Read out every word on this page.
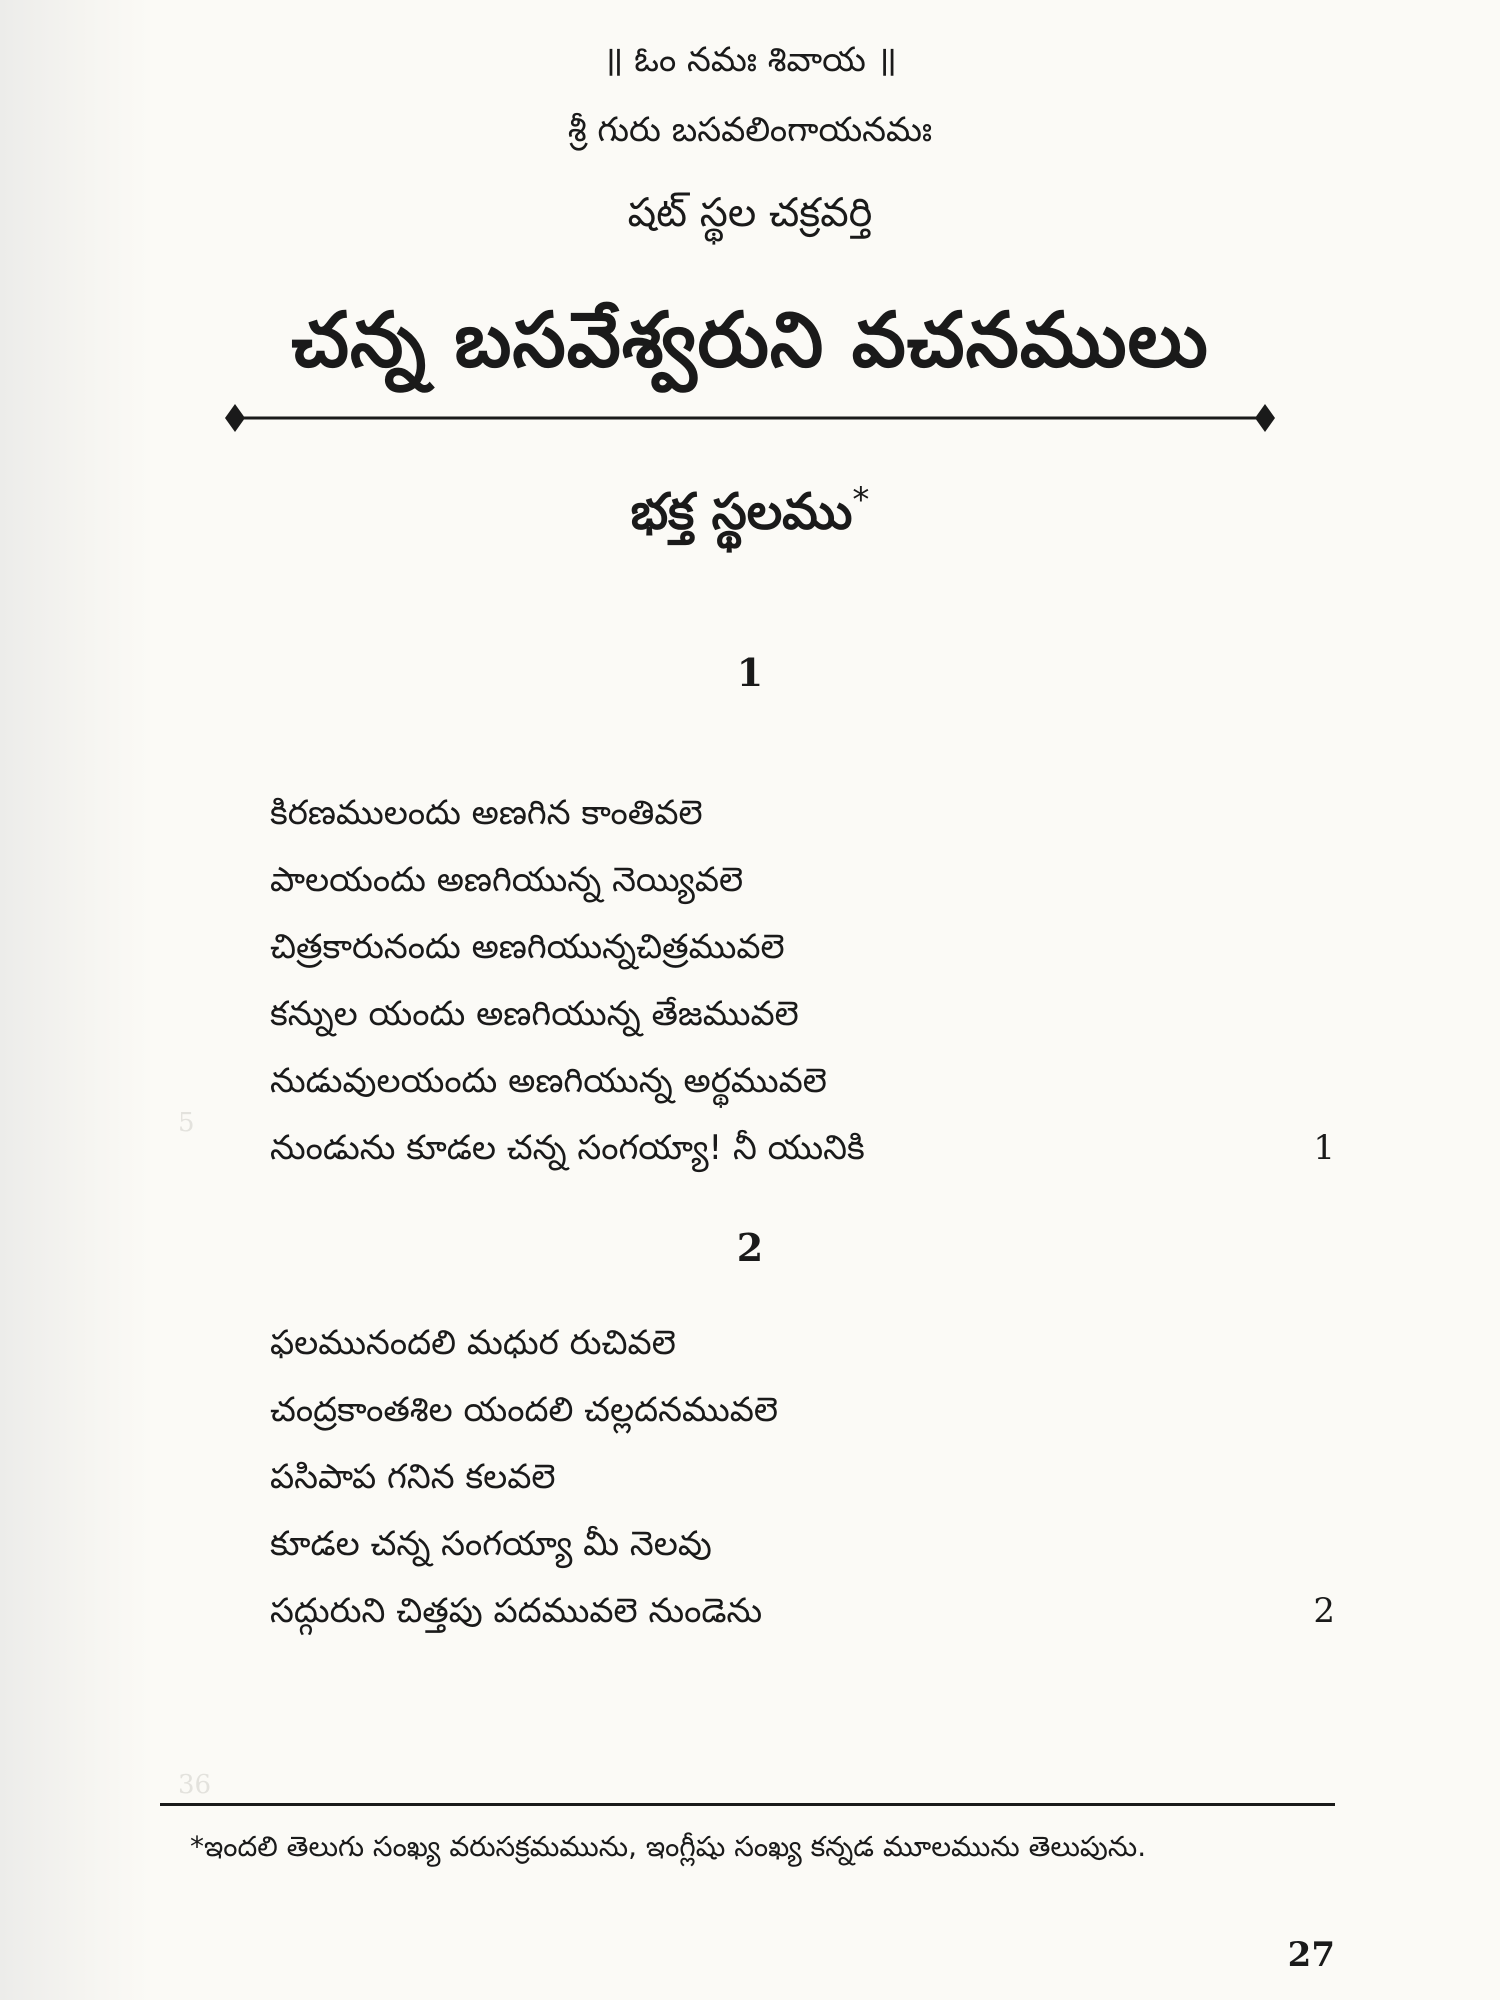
॥ ఓం నమః శివాయ ॥
శ్రీ గురు బసవలింగాయనమః
షట్ స్థల చక్రవర్తి
చన్న బసవేశ్వరుని వచనములు
భక్త స్థలము*
1
కిరణములందు అణగిన కాంతివలె
పాలయందు అణగియున్న నెయ్యివలె
చిత్రకారునందు అణగియున్నచిత్రమువలె
కన్నుల యందు అణగియున్న తేజమువలె
నుడువులయందు అణగియున్న అర్థమువలె
నుండును కూడల చన్న సంగయ్యా! నీ యునికి	1
2
ఫలమునందలి మధుర రుచివలె
చంద్రకాంతశిల యందలి చల్లదనమువలె
పసిపాప గనిన కలవలె
కూడల చన్న సంగయ్యా మీ నెలవు
సద్గురుని చిత్తపు పదమువలె నుండెను	2
5
36
*ఇందలి తెలుగు సంఖ్య వరుసక్రమమును, ఇంగ్లీషు సంఖ్య కన్నడ మూలమును తెలుపును.
27
